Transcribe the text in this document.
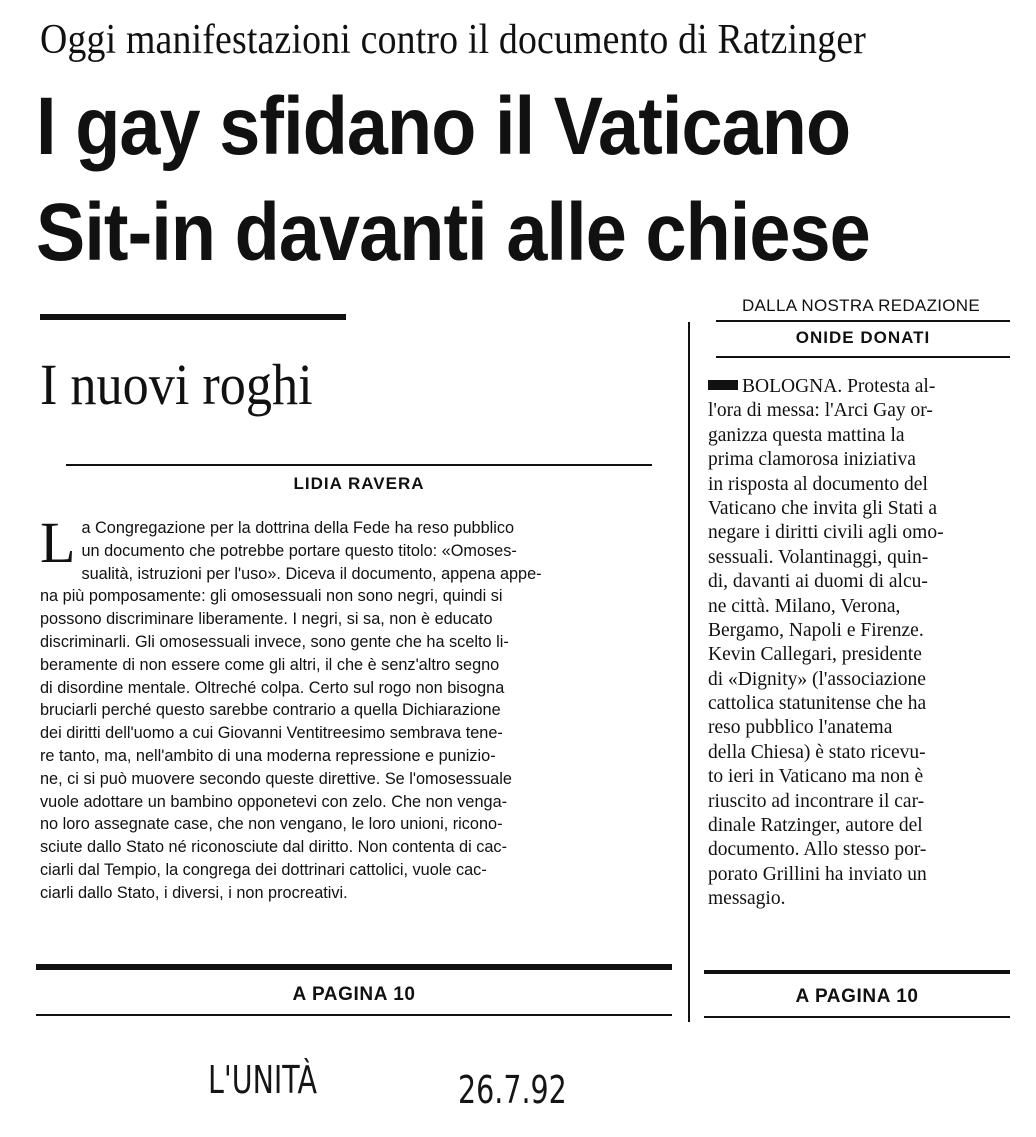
Oggi manifestazioni contro il documento di Ratzinger
I gay sfidano il Vaticano
Sit-in davanti alle chiese
DALLA NOSTRA REDAZIONE
I nuovi roghi
LIDIA RAVERA
ONIDE DONATI
L a Congregazione per la dottrina della Fede ha reso pubblico
un documento che potrebbe portare questo titolo: «Omoses-
sualità, istruzioni per l'uso». Diceva il documento, appena appe-
na più pomposamente: gli omosessuali non sono negri, quindi si
possono discriminare liberamente. I negri, si sa, non è educato
discriminarli. Gli omosessuali invece, sono gente che ha scelto li-
beramente di non essere come gli altri, il che è senz'altro segno
di disordine mentale. Oltreché colpa. Certo sul rogo non bisogna
bruciarli perché questo sarebbe contrario a quella Dichiarazione
dei diritti dell'uomo a cui Giovanni Ventitreesimo sembrava tene-
re tanto, ma, nell'ambito di una moderna repressione e punizio-
ne, ci si può muovere secondo queste direttive. Se l'omosessuale
vuole adottare un bambino opponetevi con zelo. Che non venga-
no loro assegnate case, che non vengano, le loro unioni, ricono-
sciute dallo Stato né riconosciute dal diritto. Non contenta di cac-
ciarli dal Tempio, la congrega dei dottrinari cattolici, vuole cac-
ciarli dallo Stato, i diversi, i non procreativi.
BOLOGNA. Protesta al-
l'ora di messa: l'Arci Gay or-
ganizza questa mattina la
prima clamorosa iniziativa
in risposta al documento del
Vaticano che invita gli Stati a
negare i diritti civili agli omo-
sessuali. Volantinaggi, quin-
di, davanti ai duomi di alcu-
ne città. Milano, Verona,
Bergamo, Napoli e Firenze.
Kevin Callegari, presidente
di «Dignity» (l'associazione
cattolica statunitense che ha
reso pubblico l'anatema
della Chiesa) è stato ricevu-
to ieri in Vaticano ma non è
riuscito ad incontrare il car-
dinale Ratzinger, autore del
documento. Allo stesso por-
porato Grillini ha inviato un
messagio.
A PAGINA 10	A PAGINA 10
L'UNITÀ	26.7.92
